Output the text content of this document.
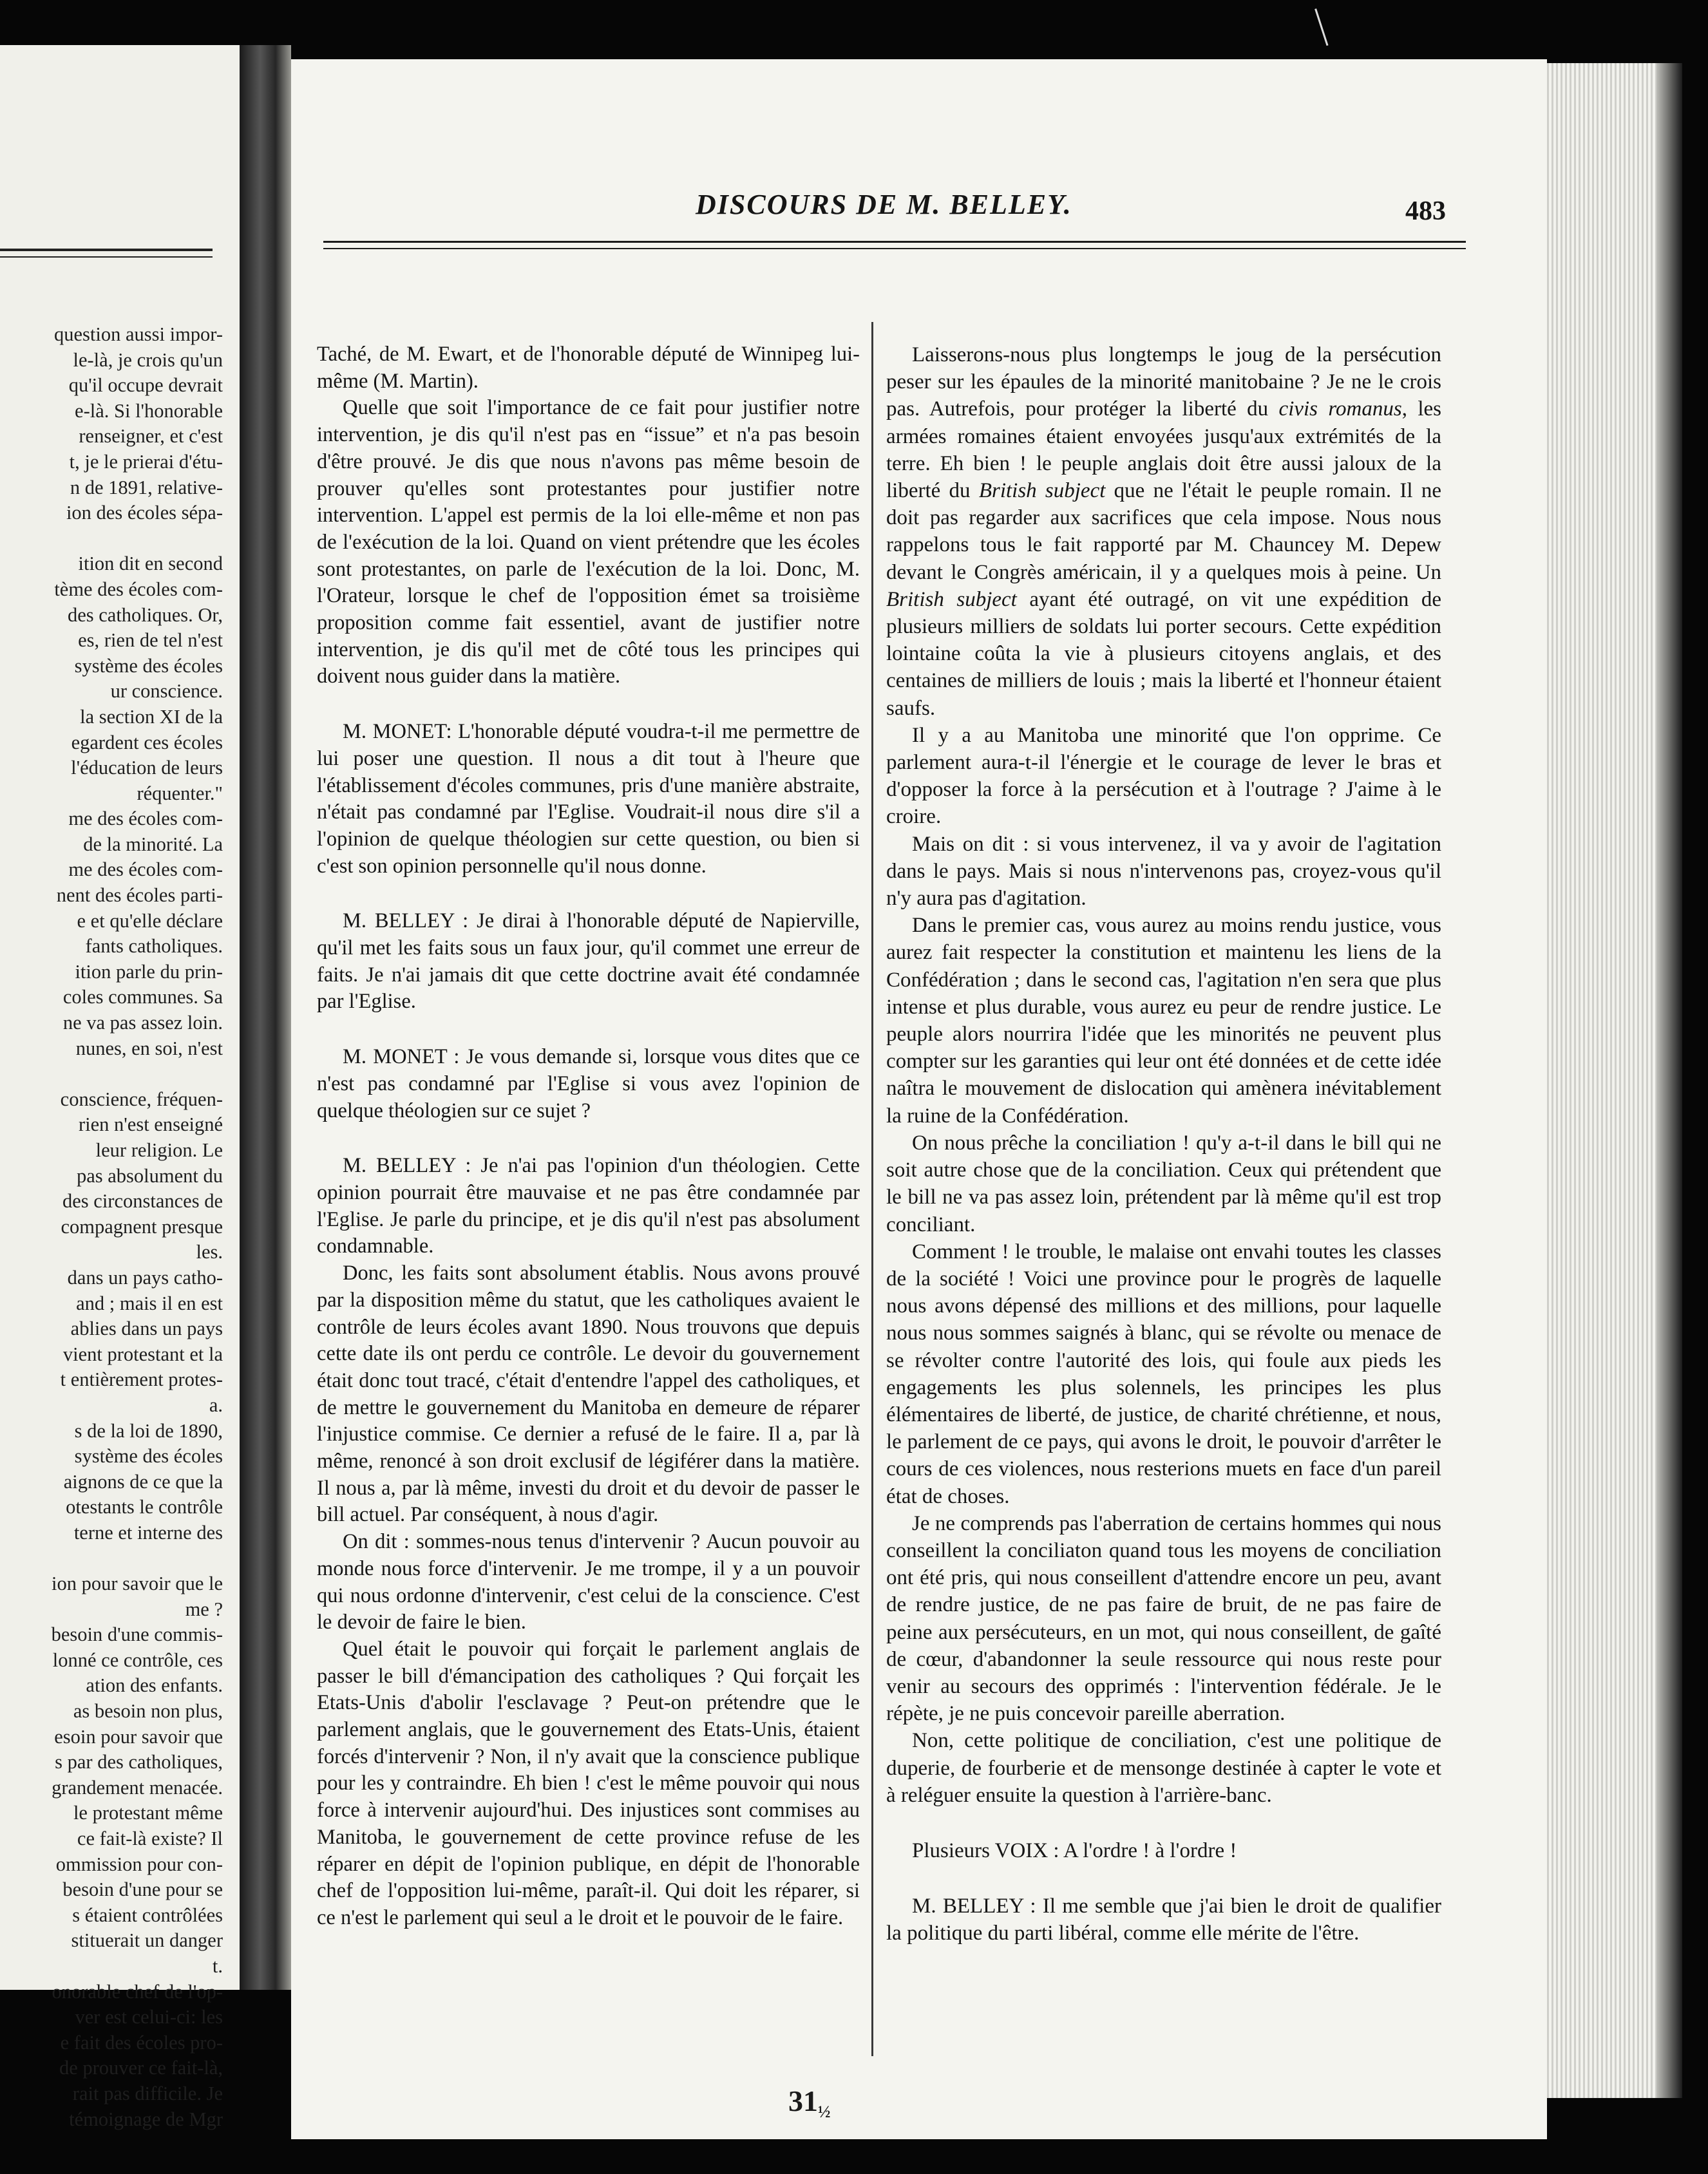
question aussi impor-
le-là, je crois qu'un
qu'il occupe devrait
e-là. Si l'honorable
renseigner, et c'est
t, je le prierai d'étu-
n de 1891, relative-
ion des écoles sépa-
ition dit en second
tème des écoles com-
des catholiques. Or,
es, rien de tel n'est
système des écoles
ur conscience.
la section XI de la
egardent ces écoles
l'éducation de leurs
réquenter."
me des écoles com-
de la minorité. La
me des écoles com-
nent des écoles parti-
e et qu'elle déclare
fants catholiques.
ition parle du prin-
coles communes. Sa
ne va pas assez loin.
nunes, en soi, n'est
conscience, fréquen-
rien n'est enseigné
leur religion. Le
pas absolument du
des circonstances de
compagnent presque
les.
dans un pays catho-
and ; mais il en est
ablies dans un pays
vient protestant et la
t entièrement protes-
a.
s de la loi de 1890,
système des écoles
aignons de ce que la
otestants le contrôle
terne et interne des
ion pour savoir que le
me ?
besoin d'une commis-
lonné ce contrôle, ces
ation des enfants.
as besoin non plus,
esoin pour savoir que
s par des catholiques,
grandement menacée.
le protestant même
ce fait-là existe? Il
ommission pour con-
besoin d'une pour se
s étaient contrôlées
stituerait un danger
t.
onorable chef de l'op-
ver est celui-ci: les
e fait des écoles pro-
de prouver ce fait-là,
rait pas difficile. Je
témoignage de Mgr
DISCOURS DE M. BELLEY.	483

Taché, de M. Ewart, et de l'honorable député de Winnipeg lui-même (M. Martin).

Quelle que soit l'importance de ce fait pour justifier notre intervention, je dis qu'il n'est pas en “issue” et n'a pas besoin d'être prouvé. Je dis que nous n'avons pas même besoin de prouver qu'elles sont protestantes pour justifier notre intervention. L'appel est permis de la loi elle-même et non pas de l'exécution de la loi. Quand on vient prétendre que les écoles sont protestantes, on parle de l'exécution de la loi. Donc, M. l'Orateur, lorsque le chef de l'opposition émet sa troisième proposition comme fait essentiel, avant de justifier notre intervention, je dis qu'il met de côté tous les principes qui doivent nous guider dans la matière.

M. MONET: L'honorable député voudra-t-il me permettre de lui poser une question. Il nous a dit tout à l'heure que l'établissement d'écoles communes, pris d'une manière abstraite, n'était pas condamné par l'Eglise. Voudrait-il nous dire s'il a l'opinion de quelque théologien sur cette question, ou bien si c'est son opinion personnelle qu'il nous donne.

M. BELLEY : Je dirai à l'honorable député de Napierville, qu'il met les faits sous un faux jour, qu'il commet une erreur de faits. Je n'ai jamais dit que cette doctrine avait été condamnée par l'Eglise.

M. MONET : Je vous demande si, lorsque vous dites que ce n'est pas condamné par l'Eglise si vous avez l'opinion de quelque théologien sur ce sujet ?

M. BELLEY : Je n'ai pas l'opinion d'un théologien. Cette opinion pourrait être mauvaise et ne pas être condamnée par l'Eglise. Je parle du principe, et je dis qu'il n'est pas absolument condamnable.

Donc, les faits sont absolument établis. Nous avons prouvé par la disposition même du statut, que les catholiques avaient le contrôle de leurs écoles avant 1890. Nous trouvons que depuis cette date ils ont perdu ce contrôle. Le devoir du gouvernement était donc tout tracé, c'était d'entendre l'appel des catholiques, et de mettre le gouvernement du Manitoba en demeure de réparer l'injustice commise. Ce dernier a refusé de le faire. Il a, par là même, renoncé à son droit exclusif de légiférer dans la matière. Il nous a, par là même, investi du droit et du devoir de passer le bill actuel. Par conséquent, à nous d'agir.

On dit : sommes-nous tenus d'intervenir ? Aucun pouvoir au monde nous force d'intervenir. Je me trompe, il y a un pouvoir qui nous ordonne d'intervenir, c'est celui de la conscience. C'est le devoir de faire le bien.

Quel était le pouvoir qui forçait le parlement anglais de passer le bill d'émancipation des catholiques ? Qui forçait les Etats-Unis d'abolir l'esclavage ? Peut-on prétendre que le parlement anglais, que le gouvernement des Etats-Unis, étaient forcés d'intervenir ? Non, il n'y avait que la conscience publique pour les y contraindre. Eh bien ! c'est le même pouvoir qui nous force à intervenir aujourd'hui. Des injustices sont commises au Manitoba, le gouvernement de cette province refuse de les réparer en dépit de l'opinion publique, en dépit de l'honorable chef de l'opposition lui-même, paraît-il. Qui doit les réparer, si ce n'est le parlement qui seul a le droit et le pouvoir de le faire.

Laisserons-nous plus longtemps le joug de la persécution peser sur les épaules de la minorité manitobaine ? Je ne le crois pas. Autrefois, pour protéger la liberté du civis romanus, les armées romaines étaient envoyées jusqu'aux extrémités de la terre. Eh bien ! le peuple anglais doit être aussi jaloux de la liberté du British subject que ne l'était le peuple romain. Il ne doit pas regarder aux sacrifices que cela impose. Nous nous rappelons tous le fait rapporté par M. Chauncey M. Depew devant le Congrès américain, il y a quelques mois à peine. Un British subject ayant été outragé, on vit une expédition de plusieurs milliers de soldats lui porter secours. Cette expédition lointaine coûta la vie à plusieurs citoyens anglais, et des centaines de milliers de louis ; mais la liberté et l'honneur étaient saufs.

Il y a au Manitoba une minorité que l'on opprime. Ce parlement aura-t-il l'énergie et le courage de lever le bras et d'opposer la force à la persécution et à l'outrage ? J'aime à le croire.

Mais on dit : si vous intervenez, il va y avoir de l'agitation dans le pays. Mais si nous n'intervenons pas, croyez-vous qu'il n'y aura pas d'agitation.

Dans le premier cas, vous aurez au moins rendu justice, vous aurez fait respecter la constitution et maintenu les liens de la Confédération ; dans le second cas, l'agitation n'en sera que plus intense et plus durable, vous aurez eu peur de rendre justice. Le peuple alors nourrira l'idée que les minorités ne peuvent plus compter sur les garanties qui leur ont été données et de cette idée naîtra le mouvement de dislocation qui amènera inévitablement la ruine de la Confédération.

On nous prêche la conciliation ! qu'y a-t-il dans le bill qui ne soit autre chose que de la conciliation. Ceux qui prétendent que le bill ne va pas assez loin, prétendent par là même qu'il est trop conciliant.

Comment ! le trouble, le malaise ont envahi toutes les classes de la société ! Voici une province pour le progrès de laquelle nous avons dépensé des millions et des millions, pour laquelle nous nous sommes saignés à blanc, qui se révolte ou menace de se révolter contre l'autorité des lois, qui foule aux pieds les engagements les plus solennels, les principes les plus élémentaires de liberté, de justice, de charité chrétienne, et nous, le parlement de ce pays, qui avons le droit, le pouvoir d'arrêter le cours de ces violences, nous resterions muets en face d'un pareil état de choses.

Je ne comprends pas l'aberration de certains hommes qui nous conseillent la conciliaton quand tous les moyens de conciliation ont été pris, qui nous conseillent d'attendre encore un peu, avant de rendre justice, de ne pas faire de bruit, de ne pas faire de peine aux persécuteurs, en un mot, qui nous conseillent, de gaîté de cœur, d'abandonner la seule ressource qui nous reste pour venir au secours des opprimés : l'intervention fédérale. Je le répète, je ne puis concevoir pareille aberration.

Non, cette politique de conciliation, c'est une politique de duperie, de fourberie et de mensonge destinée à capter le vote et à reléguer ensuite la question à l'arrière-banc.

Plusieurs VOIX : A l'ordre ! à l'ordre !

M. BELLEY : Il me semble que j'ai bien le droit de qualifier la politique du parti libéral, comme elle mérite de l'être.

$31_{\frac{1}{2}}$
